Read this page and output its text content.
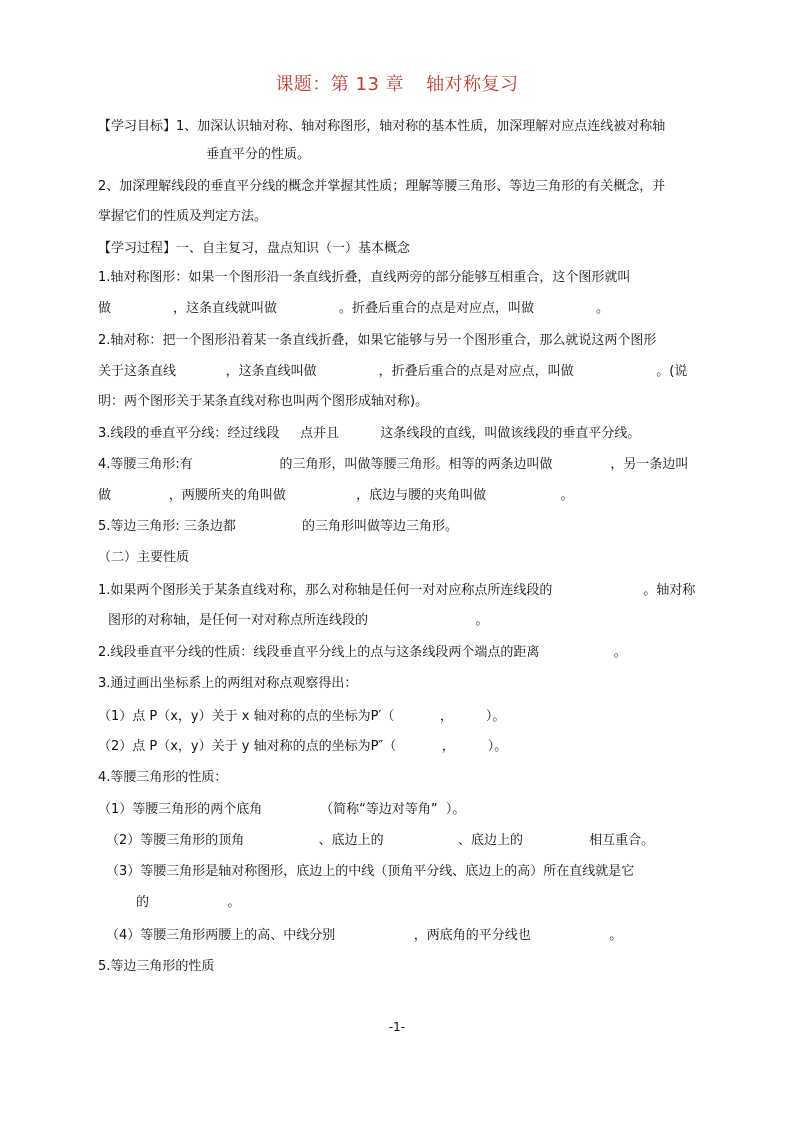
课题：第 13 章 轴对称复习
【学习目标】1、加深认识轴对称、轴对称图形，轴对称的基本性质，加深理解对应点连线被对称轴
垂直平分的性质。
2、加深理解线段的垂直平分线的概念并掌握其性质；理解等腰三角形、等边三角形的有关概念，并
掌握它们的性质及判定方法。
【学习过程】一、自主复习，盘点知识（一）基本概念
1.轴对称图形：如果一个图形沿一条直线折叠，直线两旁的部分能够互相重合，这个图形就叫
做               ，这条直线就叫做               。折叠后重合的点是对应点，叫做               。
2.轴对称：把一个图形沿着某一条直线折叠，如果它能够与另一个图形重合，那么就说这两个图形
关于这条直线            ，这条直线叫做               ，折叠后重合的点是对应点，叫做                    。(说
明：两个图形关于某条直线对称也叫两个图形成轴对称)。
3.线段的垂直平分线：经过线段     点并且          这条线段的直线，叫做该线段的垂直平分线。
4.等腰三角形:有                     的三角形，叫做等腰三角形。相等的两条边叫做              ，另一条边叫
做              ，两腰所夹的角叫做                 ，底边与腰的夹角叫做                  。
5.等边三角形: 三条边都                的三角形叫做等边三角形。
（二）主要性质
1.如果两个图形关于某条直线对称，那么对称轴是任何一对对应称点所连线段的                      。轴对称
图形的对称轴，是任何一对对称点所连线段的                          。
2.线段垂直平分线的性质：线段垂直平分线上的点与这条线段两个端点的距离                  。
3.通过画出坐标系上的两组对称点观察得出：
（1）点 P（x，y）关于 x 轴对称的点的坐标为P′（           ，        ）。
（2）点 P（x，y）关于 y 轴对称的点的坐标为P″（           ，        ）。
4.等腰三角形的性质：
（1）等腰三角形的两个底角              （简称“等边对等角”  ）。
（2）等腰三角形的顶角                  、底边上的                  、底边上的                相互重合。
（3）等腰三角形是轴对称图形，底边上的中线（顶角平分线、底边上的高）所在直线就是它
的                   。
（4）等腰三角形两腰上的高、中线分别                   ，两底角的平分线也                   。
5.等边三角形的性质
-1-
